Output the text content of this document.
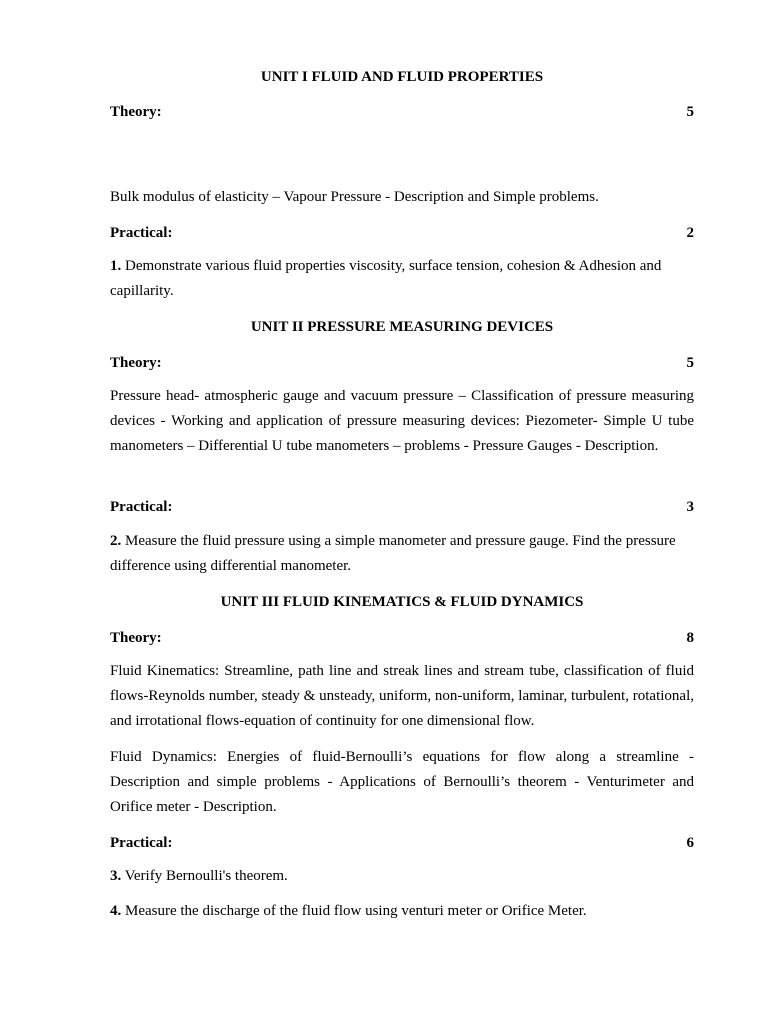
UNIT I FLUID AND FLUID PROPERTIES
Theory:	5
Bulk modulus of elasticity – Vapour Pressure - Description and Simple problems.
Practical:	2
1. Demonstrate various fluid properties viscosity, surface tension, cohesion & Adhesion and capillarity.
UNIT II PRESSURE MEASURING DEVICES
Theory:	5
Pressure head- atmospheric gauge and vacuum pressure – Classification of pressure measuring devices - Working and application of pressure measuring devices: Piezometer- Simple U tube manometers – Differential U tube manometers – problems - Pressure Gauges - Description.
Practical:	3
2. Measure the fluid pressure using a simple manometer and pressure gauge. Find the pressure difference using differential manometer.
UNIT III FLUID KINEMATICS & FLUID DYNAMICS
Theory:	8
Fluid Kinematics: Streamline, path line and streak lines and stream tube, classification of fluid flows-Reynolds number, steady & unsteady, uniform, non-uniform, laminar, turbulent, rotational, and irrotational flows-equation of continuity for one dimensional flow.
Fluid Dynamics: Energies of fluid-Bernoulli’s equations for flow along a streamline - Description and simple problems - Applications of Bernoulli’s theorem - Venturimeter and Orifice meter - Description.
Practical:	6
3. Verify Bernoulli's theorem.
4. Measure the discharge of the fluid flow using venturi meter or Orifice Meter.
